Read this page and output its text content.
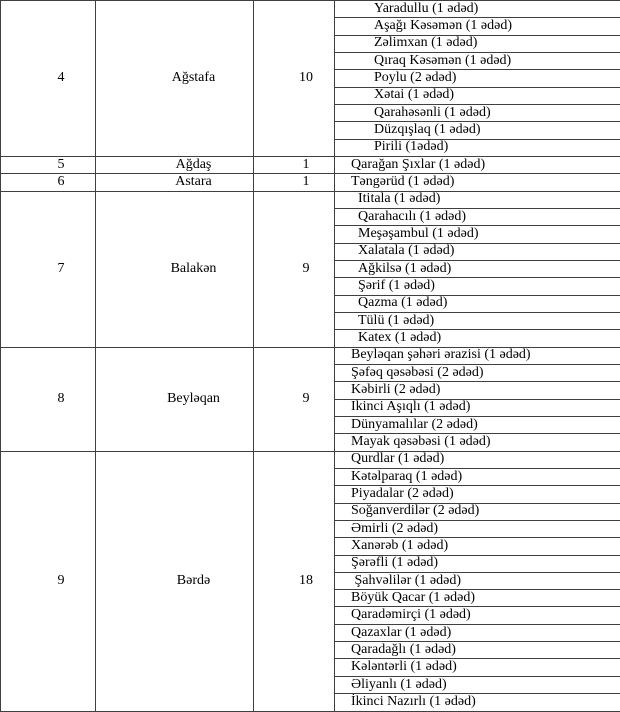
4	Ağstafa	10	Yaradullu (1 ədəd)
			Aşağı Kəsəmən (1 ədəd)
			Zəlimxan (1 ədəd)
			Qıraq Kəsəmən (1 ədəd)
			Poylu (2 ədəd)
			Xətai (1 ədəd)
			Qarahəsənli (1 ədəd)
			Düzqışlaq (1 ədəd)
			Pirili (1ədəd)
5	Ağdaş	1	Qarağan Şıxlar (1 ədəd)
6	Astara	1	Təngərüd (1 ədəd)
7	Balakən	9	İtitala (1 ədəd)
			Qarahacılı (1 ədəd)
			Meşəşambul (1 ədəd)
			Xalatala (1 ədəd)
			Ağkilsə (1 ədəd)
			Şərif (1 ədəd)
			Qazma (1 ədəd)
			Tülü (1 ədəd)
			Katex (1 ədəd)
8	Beyləqan	9	Beyləqan şəhəri ərazisi (1 ədəd)
			Şəfəq qəsəbəsi (2 ədəd)
			Kəbirli (2 ədəd)
			İkinci Aşıqlı (1 ədəd)
			Dünyamalılar (2 ədəd)
			Mayak qəsəbəsi (1 ədəd)
9	Bərdə	18	Qurdlar (1 ədəd)
			Kətəlparaq (1 ədəd)
			Piyadalar (2 ədəd)
			Soğanverdilər (2 ədəd)
			Əmirli (2 ədəd)
			Xanərəb (1 ədəd)
			Şərəfli (1 ədəd)
			Şahvəlilər (1 ədəd)
			Böyük Qacar (1 ədəd)
			Qaradəmirçi (1 ədəd)
			Qazaxlar (1 ədəd)
			Qaradağlı (1 ədəd)
			Kələntərli (1 ədəd)
			Əliyanlı (1 ədəd)
			İkinci Nazırlı (1 ədəd)
